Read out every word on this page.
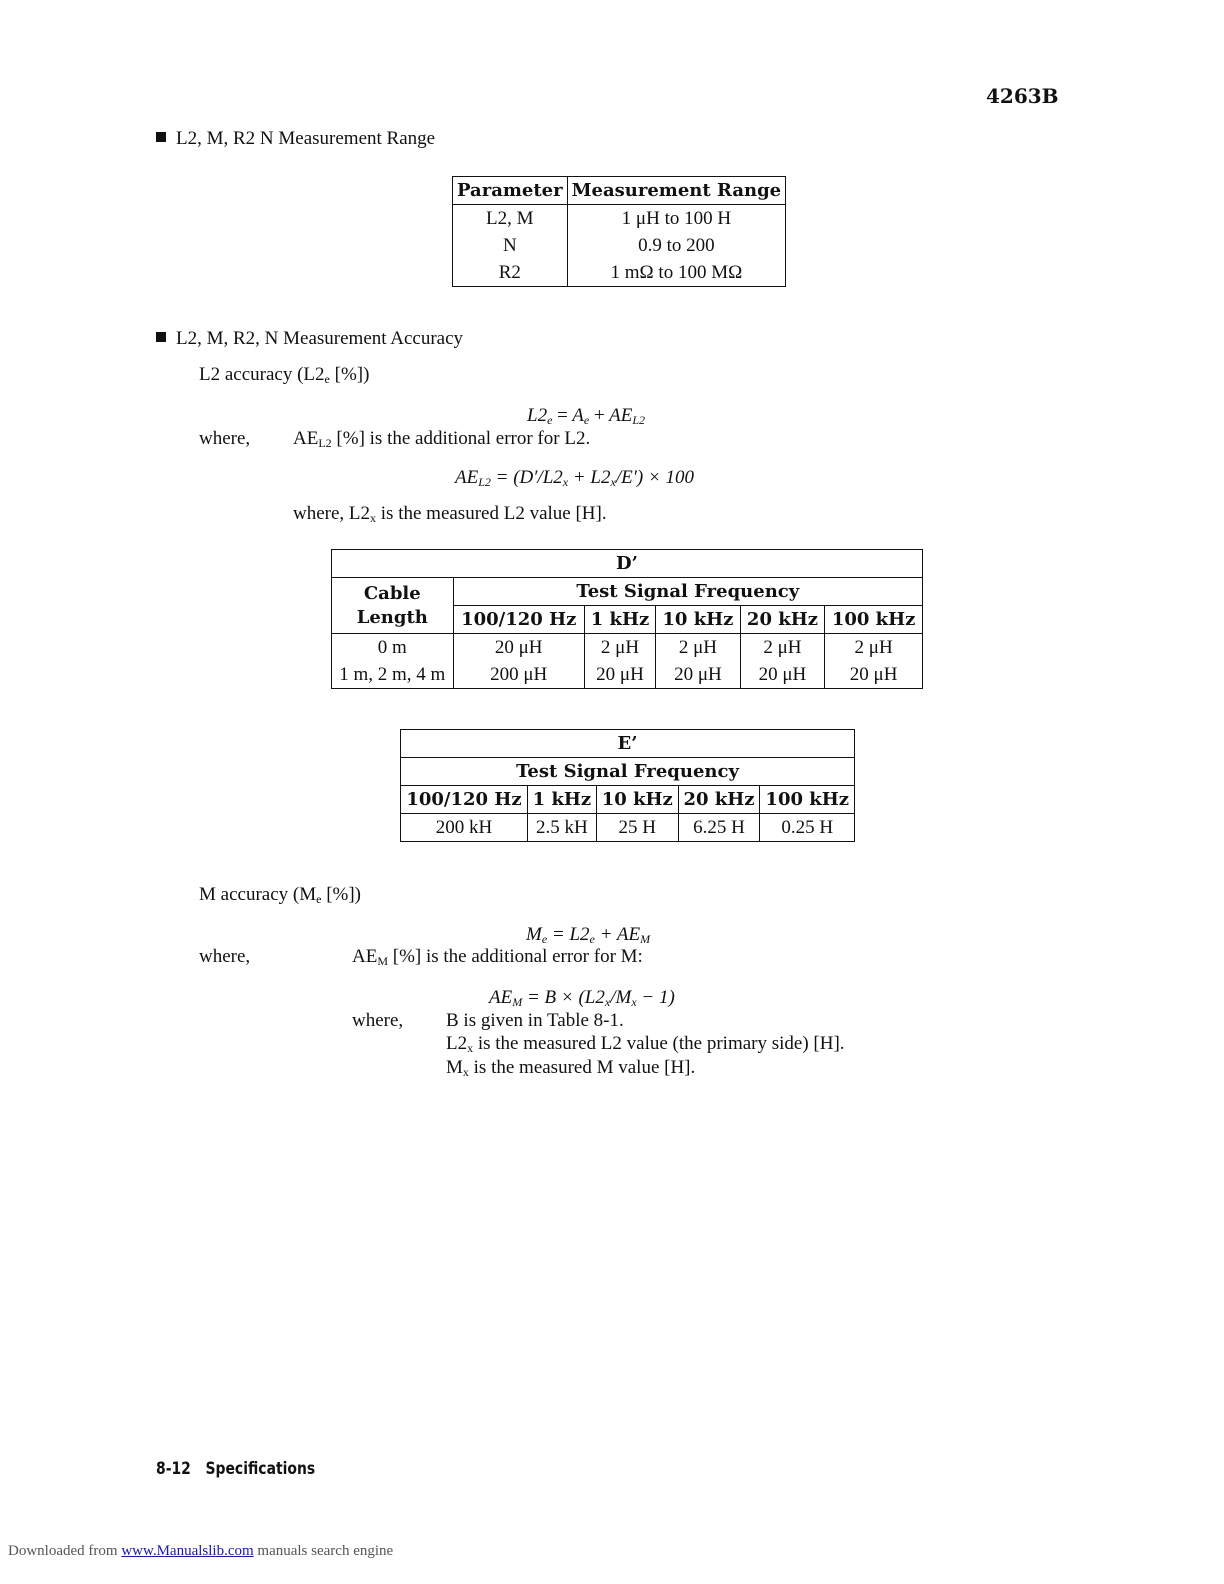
4263B
L2, M, R2 N Measurement Range
Parameter	Measurement Range
L2, M	1 μH to 100 H
N	0.9 to 200
R2	1 mΩ to 100 MΩ
L2, M, R2, N Measurement Accuracy
L2 accuracy ($L2_e$ [%])
$L2_e = A_e + AE_{L2}$
where, $AE_{L2}$ [%] is the additional error for L2.
$AE_{L2} = (D'/L2_x + L2_x/E') \times 100$
where, $L2_x$ is the measured L2 value [H].
D’					

Cable
Length	Test Signal Frequency				
	100/120 Hz	1 kHz	10 kHz	20 kHz	100 kHz
0 m	20 μH	2 μH	2 μH	2 μH	2 μH
1 m, 2 m, 4 m	200 μH	20 μH	20 μH	20 μH	20 μH
E’				
Test Signal Frequency				
100/120 Hz	1 kHz	10 kHz	20 kHz	100 kHz
200 kH	2.5 kH	25 H	6.25 H	0.25 H
M accuracy ($M_e$ [%])
$M_e = L2_e + AE_M$
where,	$AE_M$ [%] is the additional error for M:
$AE_M = B \times (L2_x/M_x - 1)$
where, B is given in Table 8-1.
$L2_x$ is the measured L2 value (the primary side) [H].
$M_x$ is the measured M value [H].
8-12 Specifications
Downloaded from www.Manualslib.com manuals search engine
